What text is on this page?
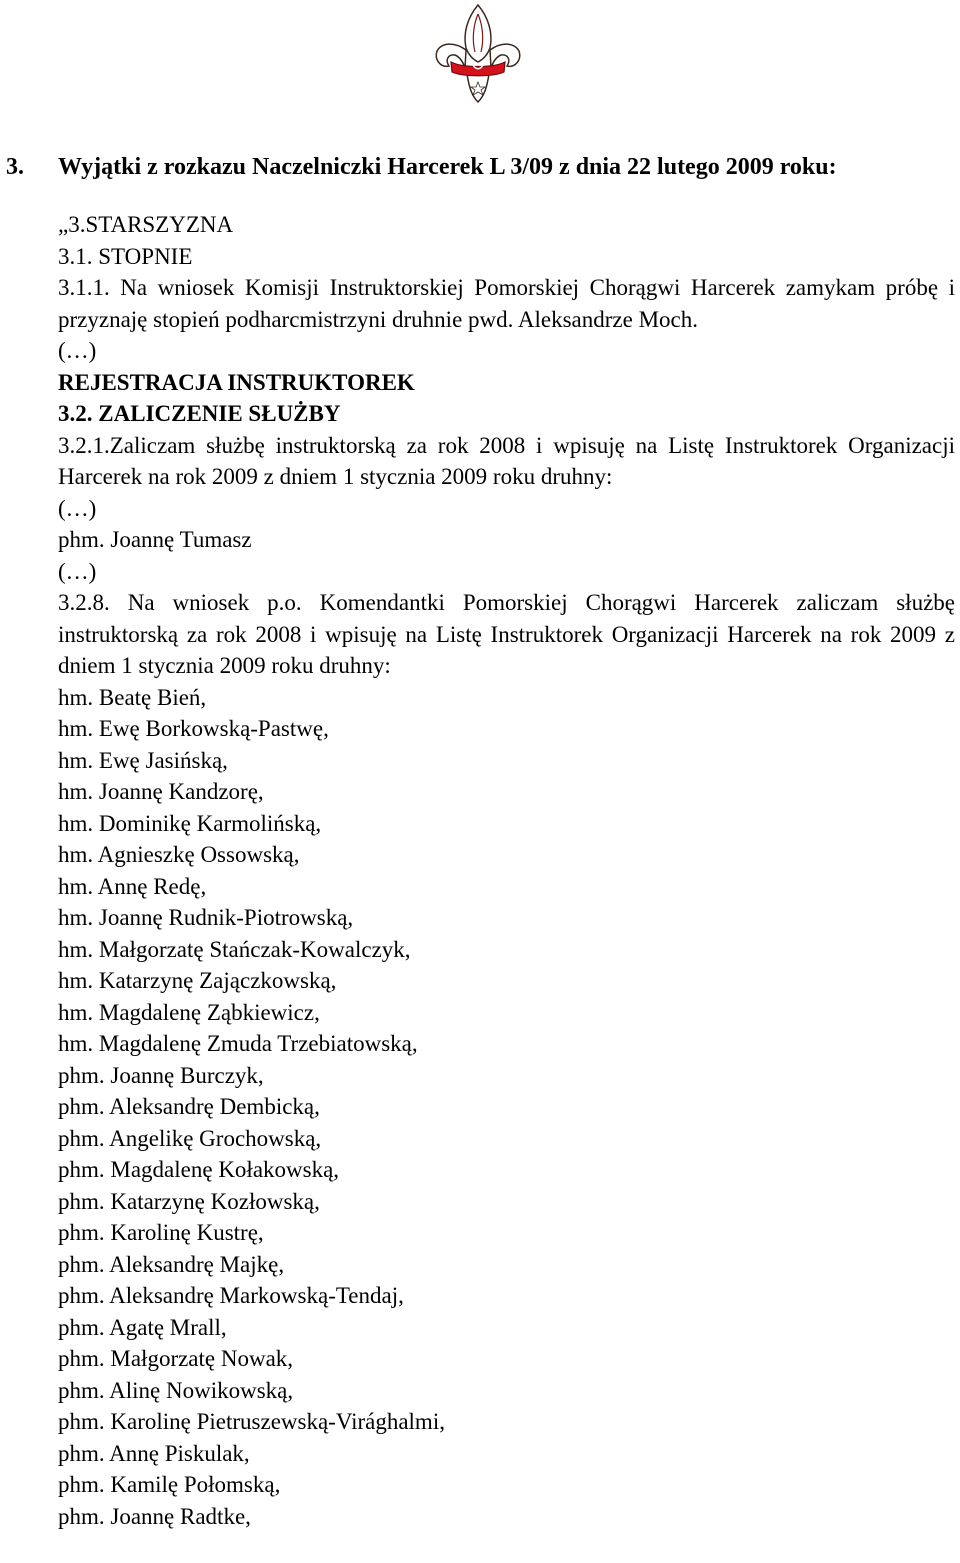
3. Wyjątki z rozkazu Naczelniczki Harcerek L 3/09 z dnia 22 lutego 2009 roku:

„3.STARSZYZNA

3.1. STOPNIE

3.1.1. Na wniosek Komisji Instruktorskiej Pomorskiej Chorągwi Harcerek zamykam próbę i przyznaję stopień podharcmistrzyni druhnie pwd. Aleksandrze Moch.

(…)

REJESTRACJA INSTRUKTOREK

3.2. ZALICZENIE SŁUŻBY

3.2.1.Zaliczam służbę instruktorską za rok 2008 i wpisuję na Listę Instruktorek Organizacji Harcerek na rok 2009 z dniem 1 stycznia 2009 roku druhny:

(…)

phm. Joannę Tumasz

(…)

3.2.8. Na wniosek p.o. Komendantki Pomorskiej Chorągwi Harcerek zaliczam służbę instruktorską za rok 2008 i wpisuję na Listę Instruktorek Organizacji Harcerek na rok 2009 z dniem 1 stycznia 2009 roku druhny:

hm. Beatę Bień,

hm. Ewę Borkowską-Pastwę,

hm. Ewę Jasińską,

hm. Joannę Kandzorę,

hm. Dominikę Karmolińską,

hm. Agnieszkę Ossowską,

hm. Annę Redę,

hm. Joannę Rudnik-Piotrowską,

hm. Małgorzatę Stańczak-Kowalczyk,

hm. Katarzynę Zajączkowską,

hm. Magdalenę Ząbkiewicz,

hm. Magdalenę Zmuda Trzebiatowską,

phm. Joannę Burczyk,

phm. Aleksandrę Dembicką,

phm. Angelikę Grochowską,

phm. Magdalenę Kołakowską,

phm. Katarzynę Kozłowską,

phm. Karolinę Kustrę,

phm. Aleksandrę Majkę,

phm. Aleksandrę Markowską-Tendaj,

phm. Agatę Mrall,

phm. Małgorzatę Nowak,

phm. Alinę Nowikowską,

phm. Karolinę Pietruszewską-Virághalmi,

phm. Annę Piskulak,

phm. Kamilę Połomską,

phm. Joannę Radtke,
